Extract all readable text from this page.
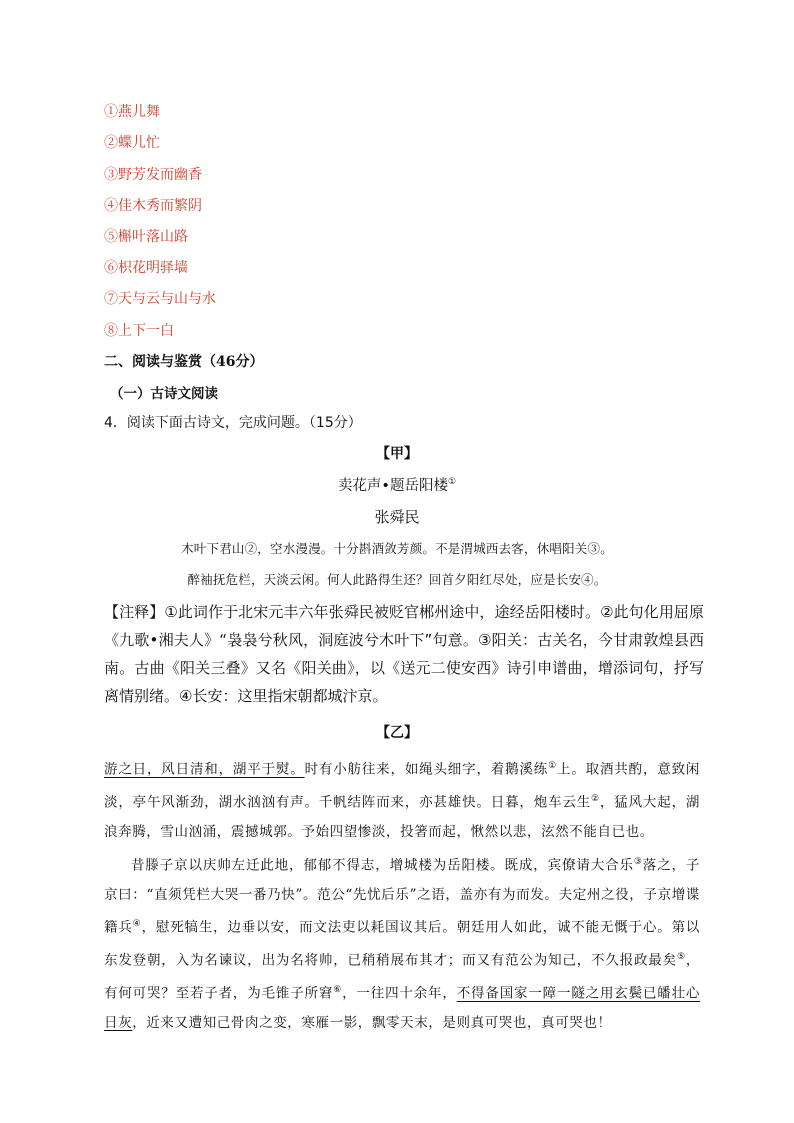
①燕儿舞
②蝶儿忙
③野芳发而幽香
④佳木秀而繁阴
⑤槲叶落山路
⑥枳花明驿墙
⑦天与云与山与水
⑧上下一白
二、阅读与鉴赏（46分）
（一）古诗文阅读
4．阅读下面古诗文，完成问题。（15分）
【甲】
卖花声•题岳阳楼①
张舜民
木叶下君山②，空水漫漫。十分斟酒敛芳颜。不是渭城西去客，休唱阳关③。
醉袖抚危栏，天淡云闲。何人此路得生还？回首夕阳红尽处，应是长安④。
【注释】①此词作于北宋元丰六年张舜民被贬官郴州途中，途经岳阳楼时。②此句化用屈原《九歌•湘夫人》“袅袅兮秋风，洞庭波兮木叶下”句意。③阳关：古关名，今甘肃敦煌县西南。古曲《阳关三叠》又名《阳关曲》，以《送元二使安西》诗引申谱曲，增添词句，抒写离情别绪。④长安：这里指宋朝都城汴京。
【乙】

游之日，风日清和，湖平于熨。时有小舫往来，如绳头细字，着鹅溪练①上。取酒共酌，意致闲淡，亭午风渐劲，湖水汹汹有声。千帆结阵而来，亦甚雄快。日暮，炮车云生②，猛风大起，湖浪奔腾，雪山汹涌，震撼城郭。予始四望惨淡，投箸而起，愀然以悲，泫然不能自已也。

昔滕子京以庆帅左迁此地，郁郁不得志，增城楼为岳阳楼。既成，宾僚请大合乐③落之，子京曰：“直须凭栏大哭一番乃快”。范公“先忧后乐”之语，盖亦有为而发。夫定州之役，子京增谍籍兵④，慰死犒生，边垂以安，而文法吏以耗国议其后。朝廷用人如此，诚不能无慨于心。第以东发登朝，入为名谏议，出为名将帅，已稍稍展布其才；而又有范公为知己，不久报政最矣⑤，有何可哭？至若子者，为毛锥子所窘⑥，一往四十余年，不得备国家一障一隧之用玄鬓已皤壮心日灰，近来又遭知己骨肉之变，寒雁一影，飘零天末，是则真可哭也，真可哭也！
